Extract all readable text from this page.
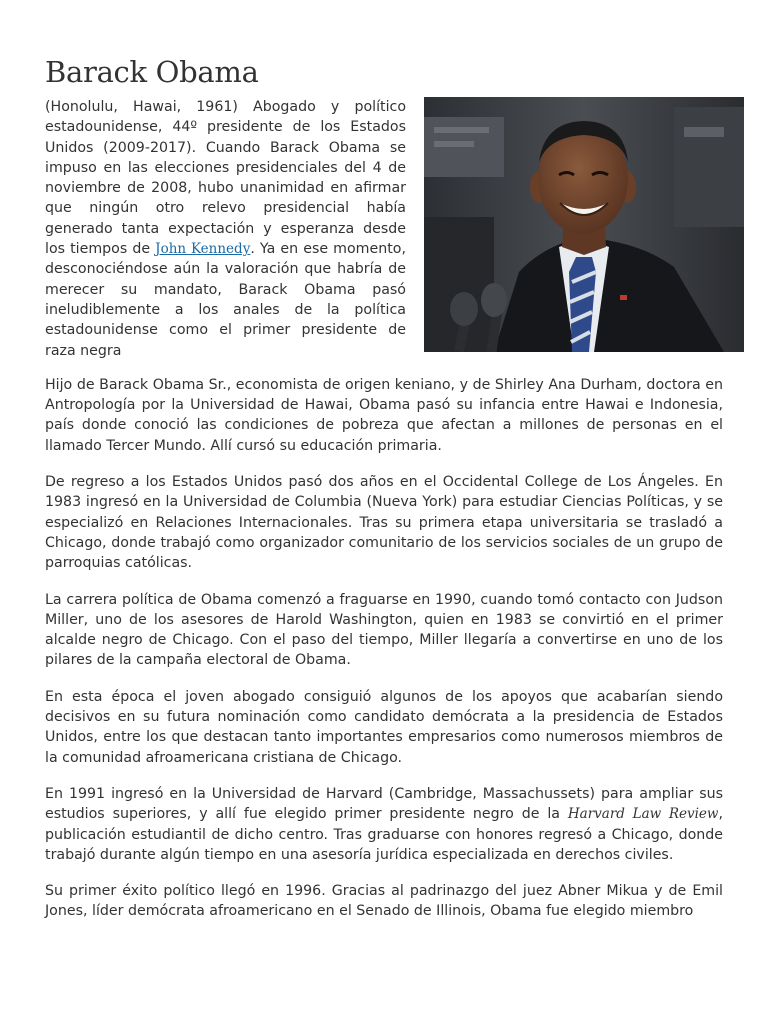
Barack Obama

(Honolulu, Hawai, 1961) Abogado y político estadounidense, 44º presidente de los Estados Unidos (2009-2017). Cuando Barack Obama se impuso en las elecciones presidenciales del 4 de noviembre de 2008, hubo unanimidad en afirmar que ningún otro relevo presidencial había generado tanta expectación y esperanza desde los tiempos de John Kennedy. Ya en ese momento, desconociéndose aún la valoración que habría de merecer su mandato, Barack Obama pasó ineludiblemente a los anales de la política estadounidense como el primer presidente de raza negra

Hijo de Barack Obama Sr., economista de origen keniano, y de Shirley Ana Durham, doctora en Antropología por la Universidad de Hawai, Obama pasó su infancia entre Hawai e Indonesia, país donde conoció las condiciones de pobreza que afectan a millones de personas en el llamado Tercer Mundo. Allí cursó su educación primaria.

De regreso a los Estados Unidos pasó dos años en el Occidental College de Los Ángeles. En 1983 ingresó en la Universidad de Columbia (Nueva York) para estudiar Ciencias Políticas, y se especializó en Relaciones Internacionales. Tras su primera etapa universitaria se trasladó a Chicago, donde trabajó como organizador comunitario de los servicios sociales de un grupo de parroquias católicas.

La carrera política de Obama comenzó a fraguarse en 1990, cuando tomó contacto con Judson Miller, uno de los asesores de Harold Washington, quien en 1983 se convirtió en el primer alcalde negro de Chicago. Con el paso del tiempo, Miller llegaría a convertirse en uno de los pilares de la campaña electoral de Obama.

En esta época el joven abogado consiguió algunos de los apoyos que acabarían siendo decisivos en su futura nominación como candidato demócrata a la presidencia de Estados Unidos, entre los que destacan tanto importantes empresarios como numerosos miembros de la comunidad afroamericana cristiana de Chicago.

En 1991 ingresó en la Universidad de Harvard (Cambridge, Massachussets) para ampliar sus estudios superiores, y allí fue elegido primer presidente negro de la Harvard Law Review, publicación estudiantil de dicho centro. Tras graduarse con honores regresó a Chicago, donde trabajó durante algún tiempo en una asesoría jurídica especializada en derechos civiles.

Su primer éxito político llegó en 1996. Gracias al padrinazgo del juez Abner Mikua y de Emil Jones, líder demócrata afroamericano en el Senado de Illinois, Obama fue elegido miembro
